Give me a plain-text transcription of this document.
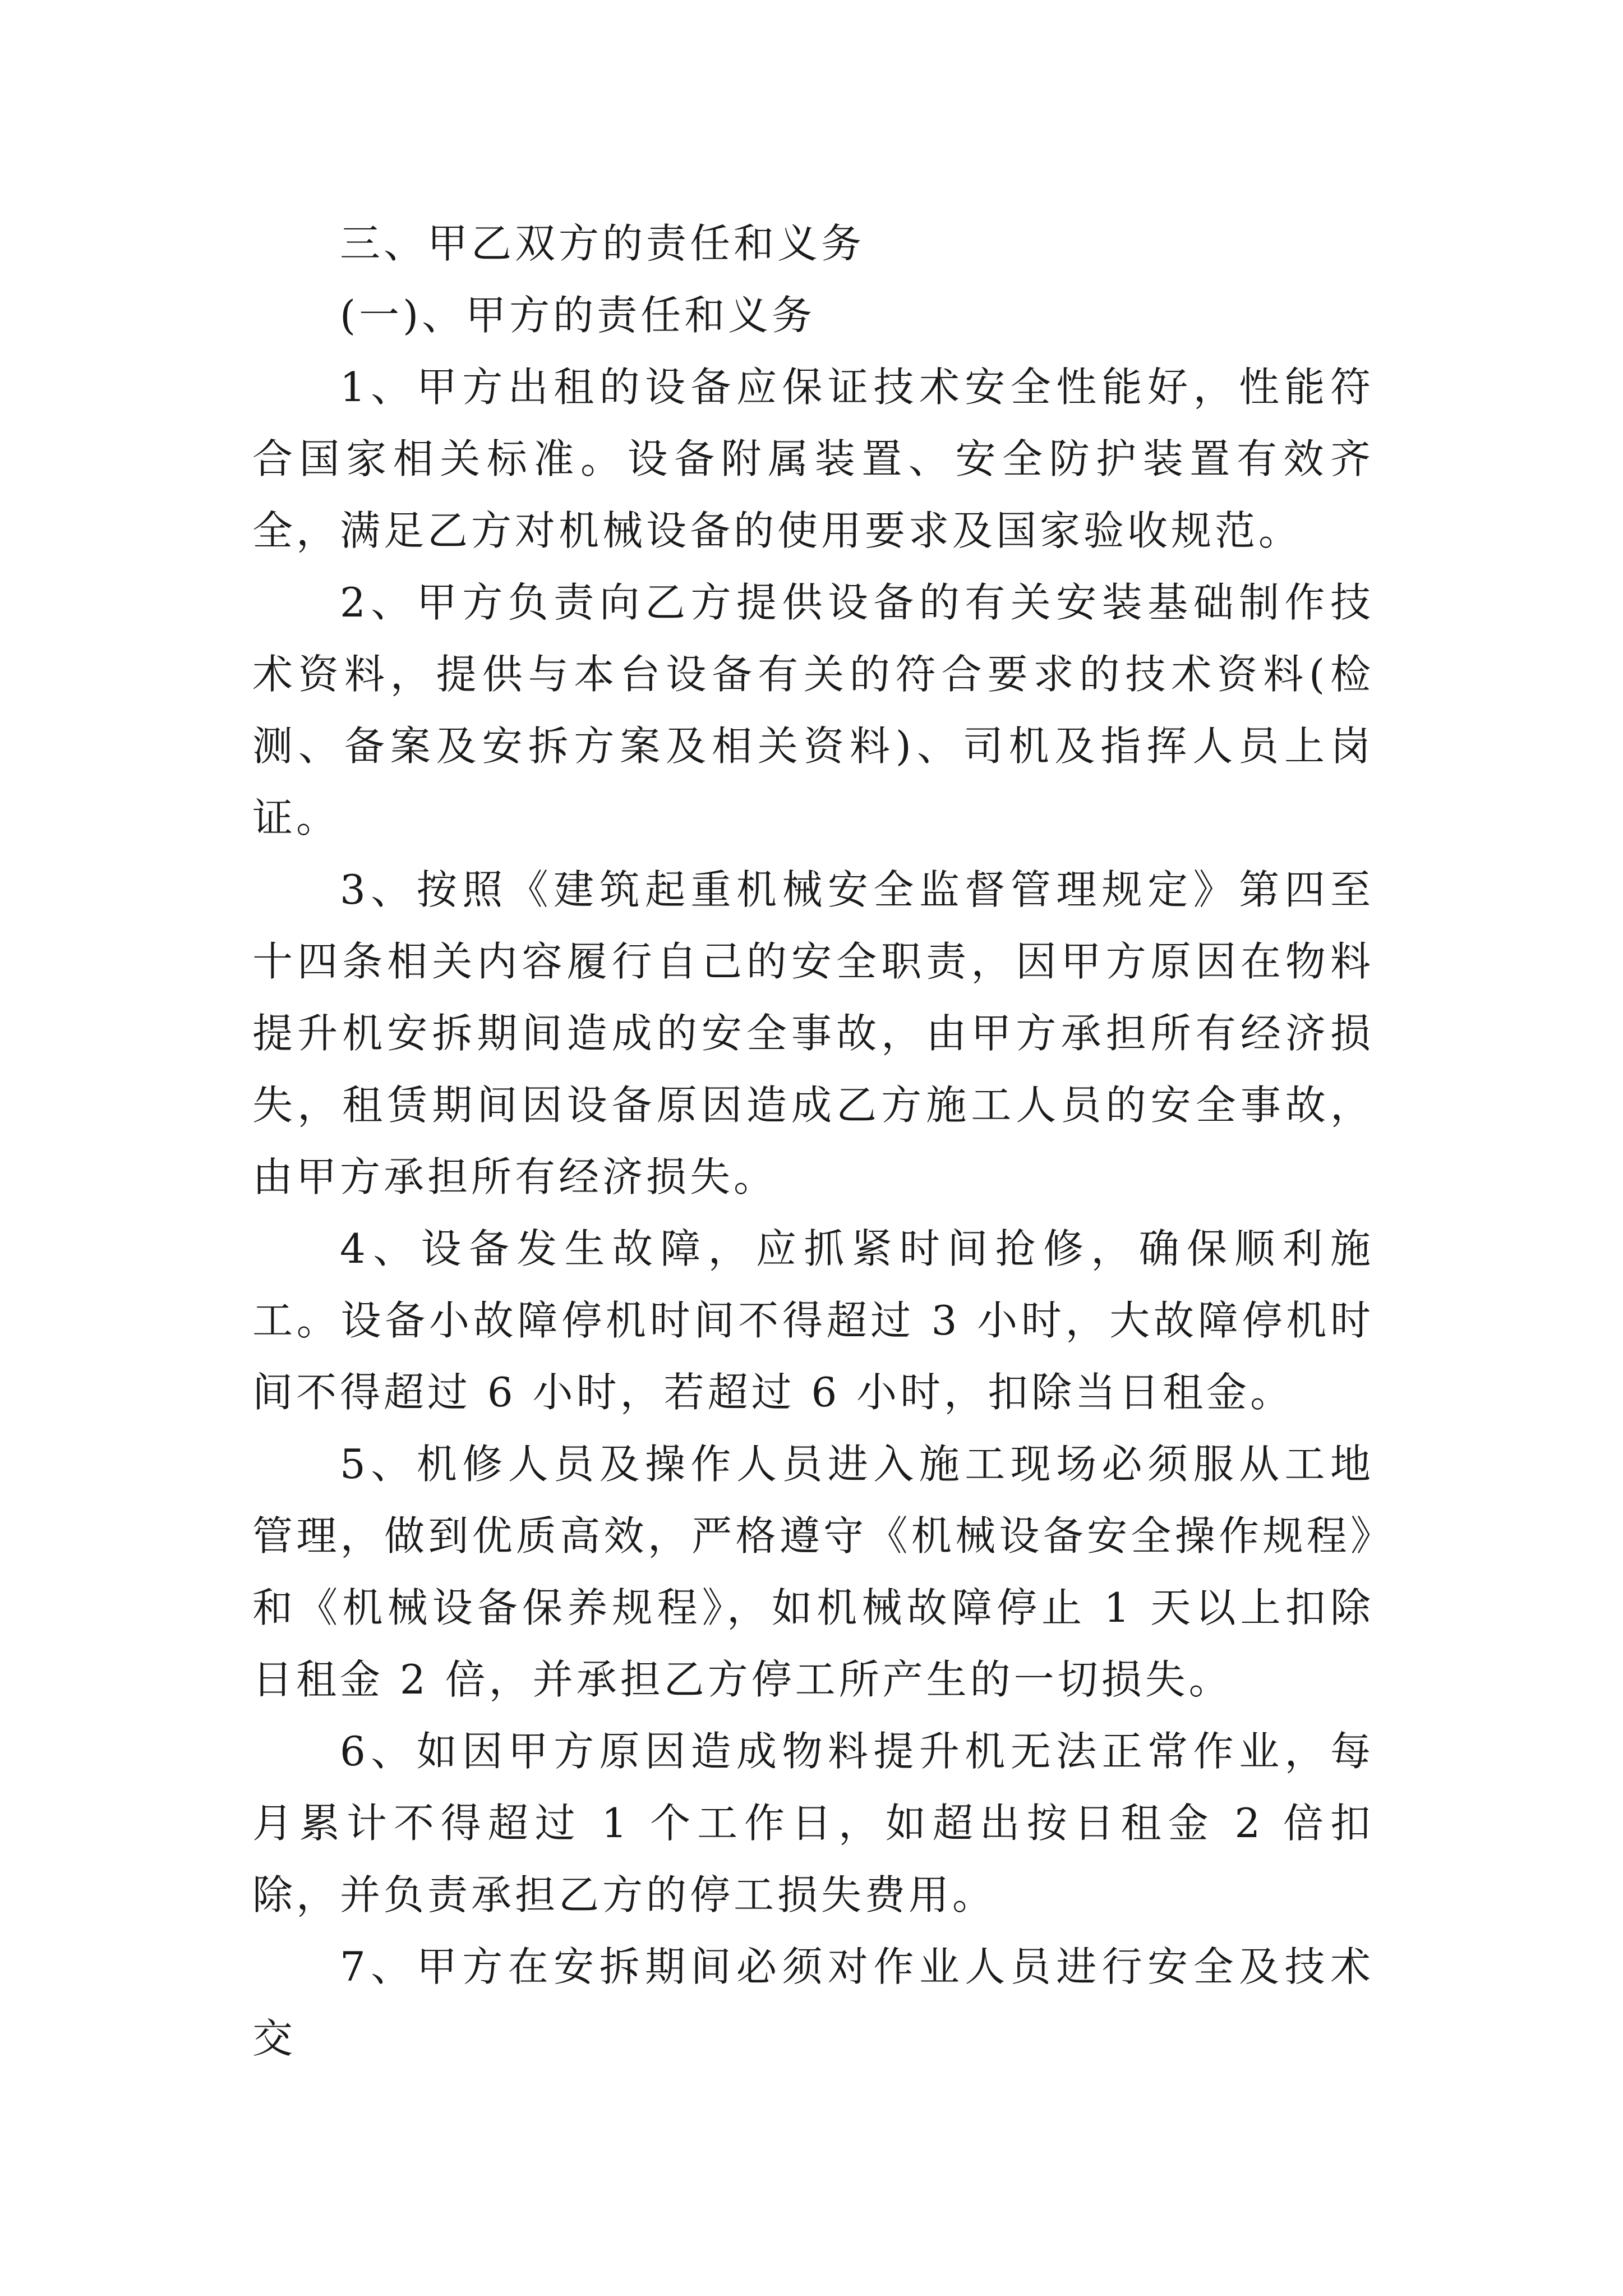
三、甲乙双方的责任和义务

(一)、甲方的责任和义务

1、甲方出租的设备应保证技术安全性能好，性能符合国家相关标准。设备附属装置、安全防护装置有效齐全，满足乙方对机械设备的使用要求及国家验收规范。

2、甲方负责向乙方提供设备的有关安装基础制作技术资料，提供与本台设备有关的符合要求的技术资料(检测、备案及安拆方案及相关资料)、司机及指挥人员上岗证。

3、按照《建筑起重机械安全监督管理规定》第四至十四条相关内容履行自己的安全职责，因甲方原因在物料提升机安拆期间造成的安全事故，由甲方承担所有经济损失，租赁期间因设备原因造成乙方施工人员的安全事故，由甲方承担所有经济损失。

4、设备发生故障，应抓紧时间抢修，确保顺利施工。设备小故障停机时间不得超过 3 小时，大故障停机时间不得超过 6 小时，若超过 6 小时，扣除当日租金。

5、机修人员及操作人员进入施工现场必须服从工地管理，做到优质高效，严格遵守《机械设备安全操作规程》和《机械设备保养规程》，如机械故障停止 1 天以上扣除日租金 2 倍，并承担乙方停工所产生的一切损失。

6、如因甲方原因造成物料提升机无法正常作业，每月累计不得超过 1 个工作日，如超出按日租金 2 倍扣除，并负责承担乙方的停工损失费用。

7、甲方在安拆期间必须对作业人员进行安全及技术交
